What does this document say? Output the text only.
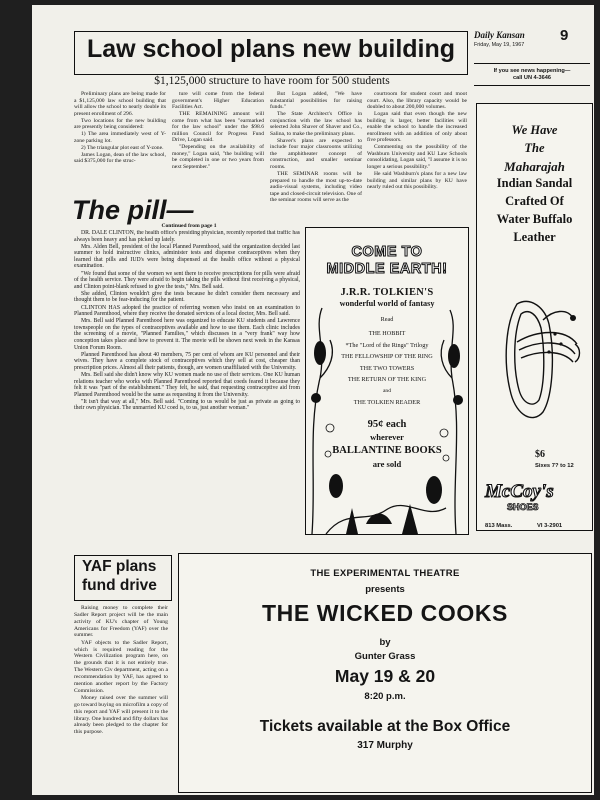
Daily Kansan
Friday, May 19, 1967
9
If you see news happening—
call UN 4-3646
Law school plans new building
$1,125,000 structure to have room for 500 students

Preliminary plans are being made for a $1,125,000 law school building that will allow the school to nearly double its present enrollment of 296.

Two locations for the new building are presently being considered:

1) The area immediately west of Y-zone parking lot.

2) The triangular plot east of Y-zone.

James Logan, dean of the law school, said $375,000 for the struc-

ture will come from the federal government's Higher Education Facilities Act.

THE REMAINING amount will come from what has been "earmarked for the law school" under the $98.6 million Council for Progress Fund Drive, Logan said.

"Depending on the availability of money," Logan said, "the building will be completed in one or two years from next September."

But Logan added, "We have substantial possibilities for raising funds."

The State Architect's Office in conjunction with the law school has selected John Shaver of Shaver and Co., Salina, to make the preliminary plans.

Shaver's plans are expected to include four major classrooms utilizing the amphitheater concept of construction, and smaller seminar rooms.

THE SEMINAR rooms will be prepared to handle the most up-to-date audio-visual systems, including video tape and closed-circuit television. One of the seminar rooms will serve as the

courtroom for student court and moot court. Also, the library capacity would be doubled to about 200,000 volumes.

Logan said that even though the new building is larger, better facilities will enable the school to handle the increased enrollment with an addition of only about five professors.

Commenting on the possibility of the Washburn University and KU Law Schools consolidating, Logan said, "I assume it is no longer a serious possibility."

He said Washburn's plans for a new law building and similar plans by KU have nearly ruled out this possibility.

The pill—
Continued from page 1

DR. DALE CLINTON, the health office's presiding physician, recently reported that traffic has always been heavy and has picked up lately.

Mrs. Alden Bell, president of the local Planned Parenthood, said the organization decided last summer to hold instructive clinics, administer tests and dispense contraceptives when they learned that pills and IUD's were being dispensed at the health office without a physical examination.

"We found that some of the women we sent there to receive prescriptions for pills were afraid of the health service. They were afraid to begin taking the pills without first receiving a physical, and Clinton point-blank refused to give the tests," Mrs. Bell said.

She added, Clinton wouldn't give the tests because he didn't consider them necessary and thought them to be fear-inducing for the patient.

CLINTON HAS adopted the practice of referring women who insist on an examination to Planned Parenthood, where they receive the donated services of a local doctor, Mrs. Bell said.

Mrs. Bell said Planned Parenthood here was organized to educate KU students and Lawrence townspeople on the types of contraceptives available and how to use them. Each clinic includes the screening of a movie, "Planned Families," which discusses in a "very frank" way how conception takes place and how to prevent it. The movie will be shown next week in the Kansas Union Forum Room.

Planned Parenthood has about 40 members, 75 per cent of whom are KU personnel and their wives. They have a complete stock of contraceptives which they sell at cost, cheaper than prescription prices. Almost all their patients, though, are women unaffiliated with the University.

Mrs. Bell said she didn't know why KU women made no use of their services. One KU human relations teacher who works with Planned Parenthood reported that coeds feared it because they felt it was "part of the establishment." They felt, he said, that requesting contraceptive aid from Planned Parenthood would be the same as requesting it from the University.

"It isn't that way at all," Mrs. Bell said. "Coming to us would be just as private as going to their own physician. The unmarried KU coed is, to us, just another woman."

COME TO
MIDDLE EARTH!
J.R.R. TOLKIEN'S
wonderful world of fantasy
Read
THE HOBBIT
*The "Lord of the Rings" Trilogy
THE FELLOWSHIP OF THE RING
THE TWO TOWERS
THE RETURN OF THE KING
and
THE TOLKIEN READER
95¢ each
wherever
BALLANTINE BOOKS
are sold
We Have
The
Maharajah
Indian Sandal
Crafted Of
Water Buffalo
Leather
$6
Sixes 7? to 12
McCoy's
SHOES
813 Mass.	VI 3-2901
YAF plans
fund drive

Raising money to complete their Sadler Report project will be the main activity of KU's chapter of Young Americans for Freedom (YAF) over the summer.

YAF objects to the Sadler Report, which is required reading for the Western Civilization program here, on the grounds that it is not entirely true. The Western Civ department, acting on a recommendation by YAF, has agreed to mention another report by the Factory Commission.

Money raised over the summer will go toward buying on microfilm a copy of this report and YAF will present it to the library. One hundred and fifty dollars has already been pledged to the chapter for this purpose.

THE EXPERIMENTAL THEATRE
presents
THE WICKED COOKS
by
Gunter Grass
May 19 & 20
8:20 p.m.
Tickets available at the Box Office
317 Murphy
